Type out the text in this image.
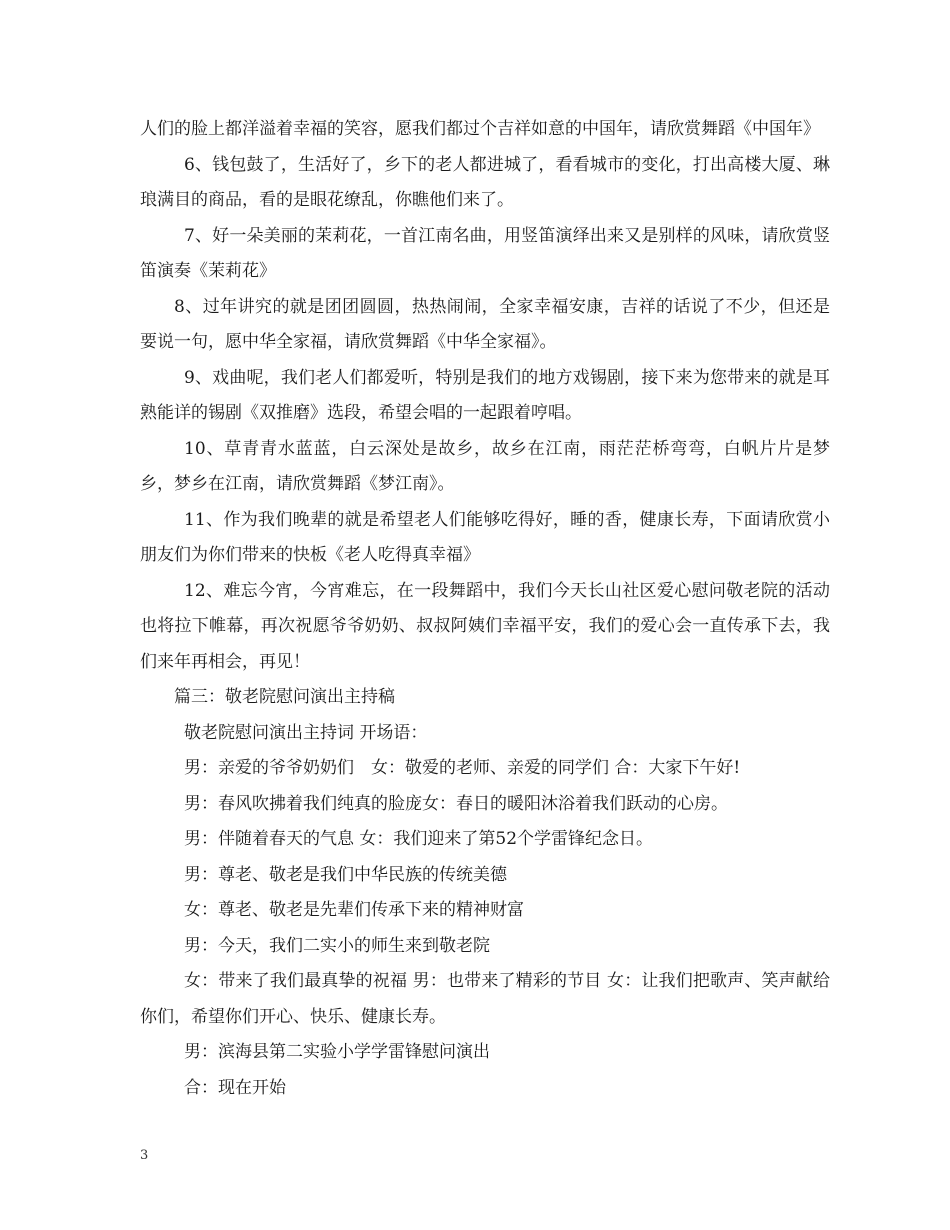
人们的脸上都洋溢着幸福的笑容，愿我们都过个吉祥如意的中国年，请欣赏舞蹈《中国年》

6、钱包鼓了，生活好了，乡下的老人都进城了，看看城市的变化，打出高楼大厦、琳琅满目的商品，看的是眼花缭乱，你瞧他们来了。

7、好一朵美丽的茉莉花，一首江南名曲，用竖笛演绎出来又是别样的风味，请欣赏竖笛演奏《茉莉花》

8、过年讲究的就是团团圆圆，热热闹闹，全家幸福安康，吉祥的话说了不少，但还是要说一句，愿中华全家福，请欣赏舞蹈《中华全家福》。

9、戏曲呢，我们老人们都爱听，特别是我们的地方戏锡剧，接下来为您带来的就是耳熟能详的锡剧《双推磨》选段，希望会唱的一起跟着哼唱。

10、草青青水蓝蓝，白云深处是故乡，故乡在江南，雨茫茫桥弯弯，白帆片片是梦乡，梦乡在江南，请欣赏舞蹈《梦江南》。

11、作为我们晚辈的就是希望老人们能够吃得好，睡的香，健康长寿，下面请欣赏小朋友们为你们带来的快板《老人吃得真幸福》

12、难忘今宵，今宵难忘，在一段舞蹈中，我们今天长山社区爱心慰问敬老院的活动也将拉下帷幕，再次祝愿爷爷奶奶、叔叔阿姨们幸福平安，我们的爱心会一直传承下去，我们来年再相会，再见！

篇三：敬老院慰问演出主持稿

敬老院慰问演出主持词 开场语：

男：亲爱的爷爷奶奶们　女：敬爱的老师、亲爱的同学们 合：大家下午好!

男：春风吹拂着我们纯真的脸庞女：春日的暖阳沐浴着我们跃动的心房。

男：伴随着春天的气息 女：我们迎来了第52个学雷锋纪念日。

男：尊老、敬老是我们中华民族的传统美德

女：尊老、敬老是先辈们传承下来的精神财富

男：今天，我们二实小的师生来到敬老院

女：带来了我们最真挚的祝福 男：也带来了精彩的节目 女：让我们把歌声、笑声献给你们，希望你们开心、快乐、健康长寿。

男：滨海县第二实验小学学雷锋慰问演出

合：现在开始

3
